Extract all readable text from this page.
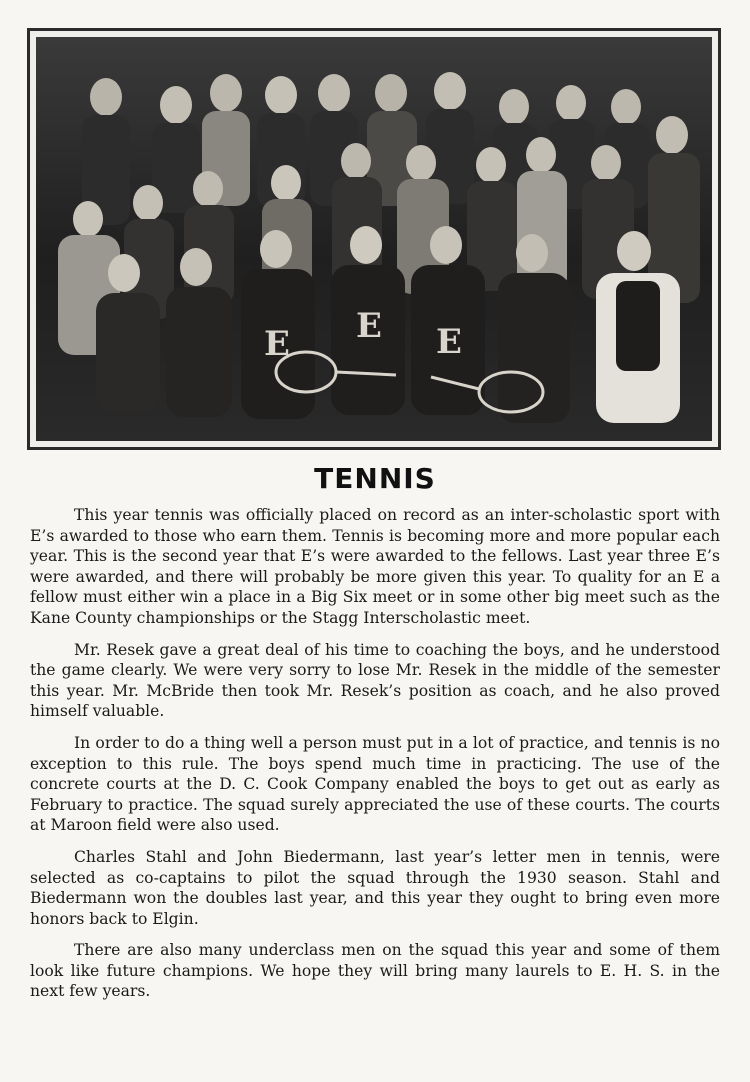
E E E
TENNIS

This year tennis was officially placed on record as an inter-scholastic sport with E’s awarded to those who earn them. Tennis is becoming more and more popular each year. This is the second year that E’s were awarded to the fellows. Last year three E’s were awarded, and there will probably be more given this year. To quality for an E a fellow must either win a place in a Big Six meet or in some other big meet such as the Kane County championships or the Stagg Interscholastic meet.

Mr. Resek gave a great deal of his time to coaching the boys, and he understood the game clearly. We were very sorry to lose Mr. Resek in the middle of the semester this year. Mr. McBride then took Mr. Resek’s position as coach, and he also proved himself valuable.

In order to do a thing well a person must put in a lot of practice, and tennis is no exception to this rule. The boys spend much time in practicing. The use of the concrete courts at the D. C. Cook Company enabled the boys to get out as early as February to practice. The squad surely appreciated the use of these courts. The courts at Maroon field were also used.

Charles Stahl and John Biedermann, last year’s letter men in tennis, were selected as co-captains to pilot the squad through the 1930 season. Stahl and Biedermann won the doubles last year, and this year they ought to bring even more honors back to Elgin.

There are also many underclass men on the squad this year and some of them look like future champions. We hope they will bring many laurels to E. H. S. in the next few years.
